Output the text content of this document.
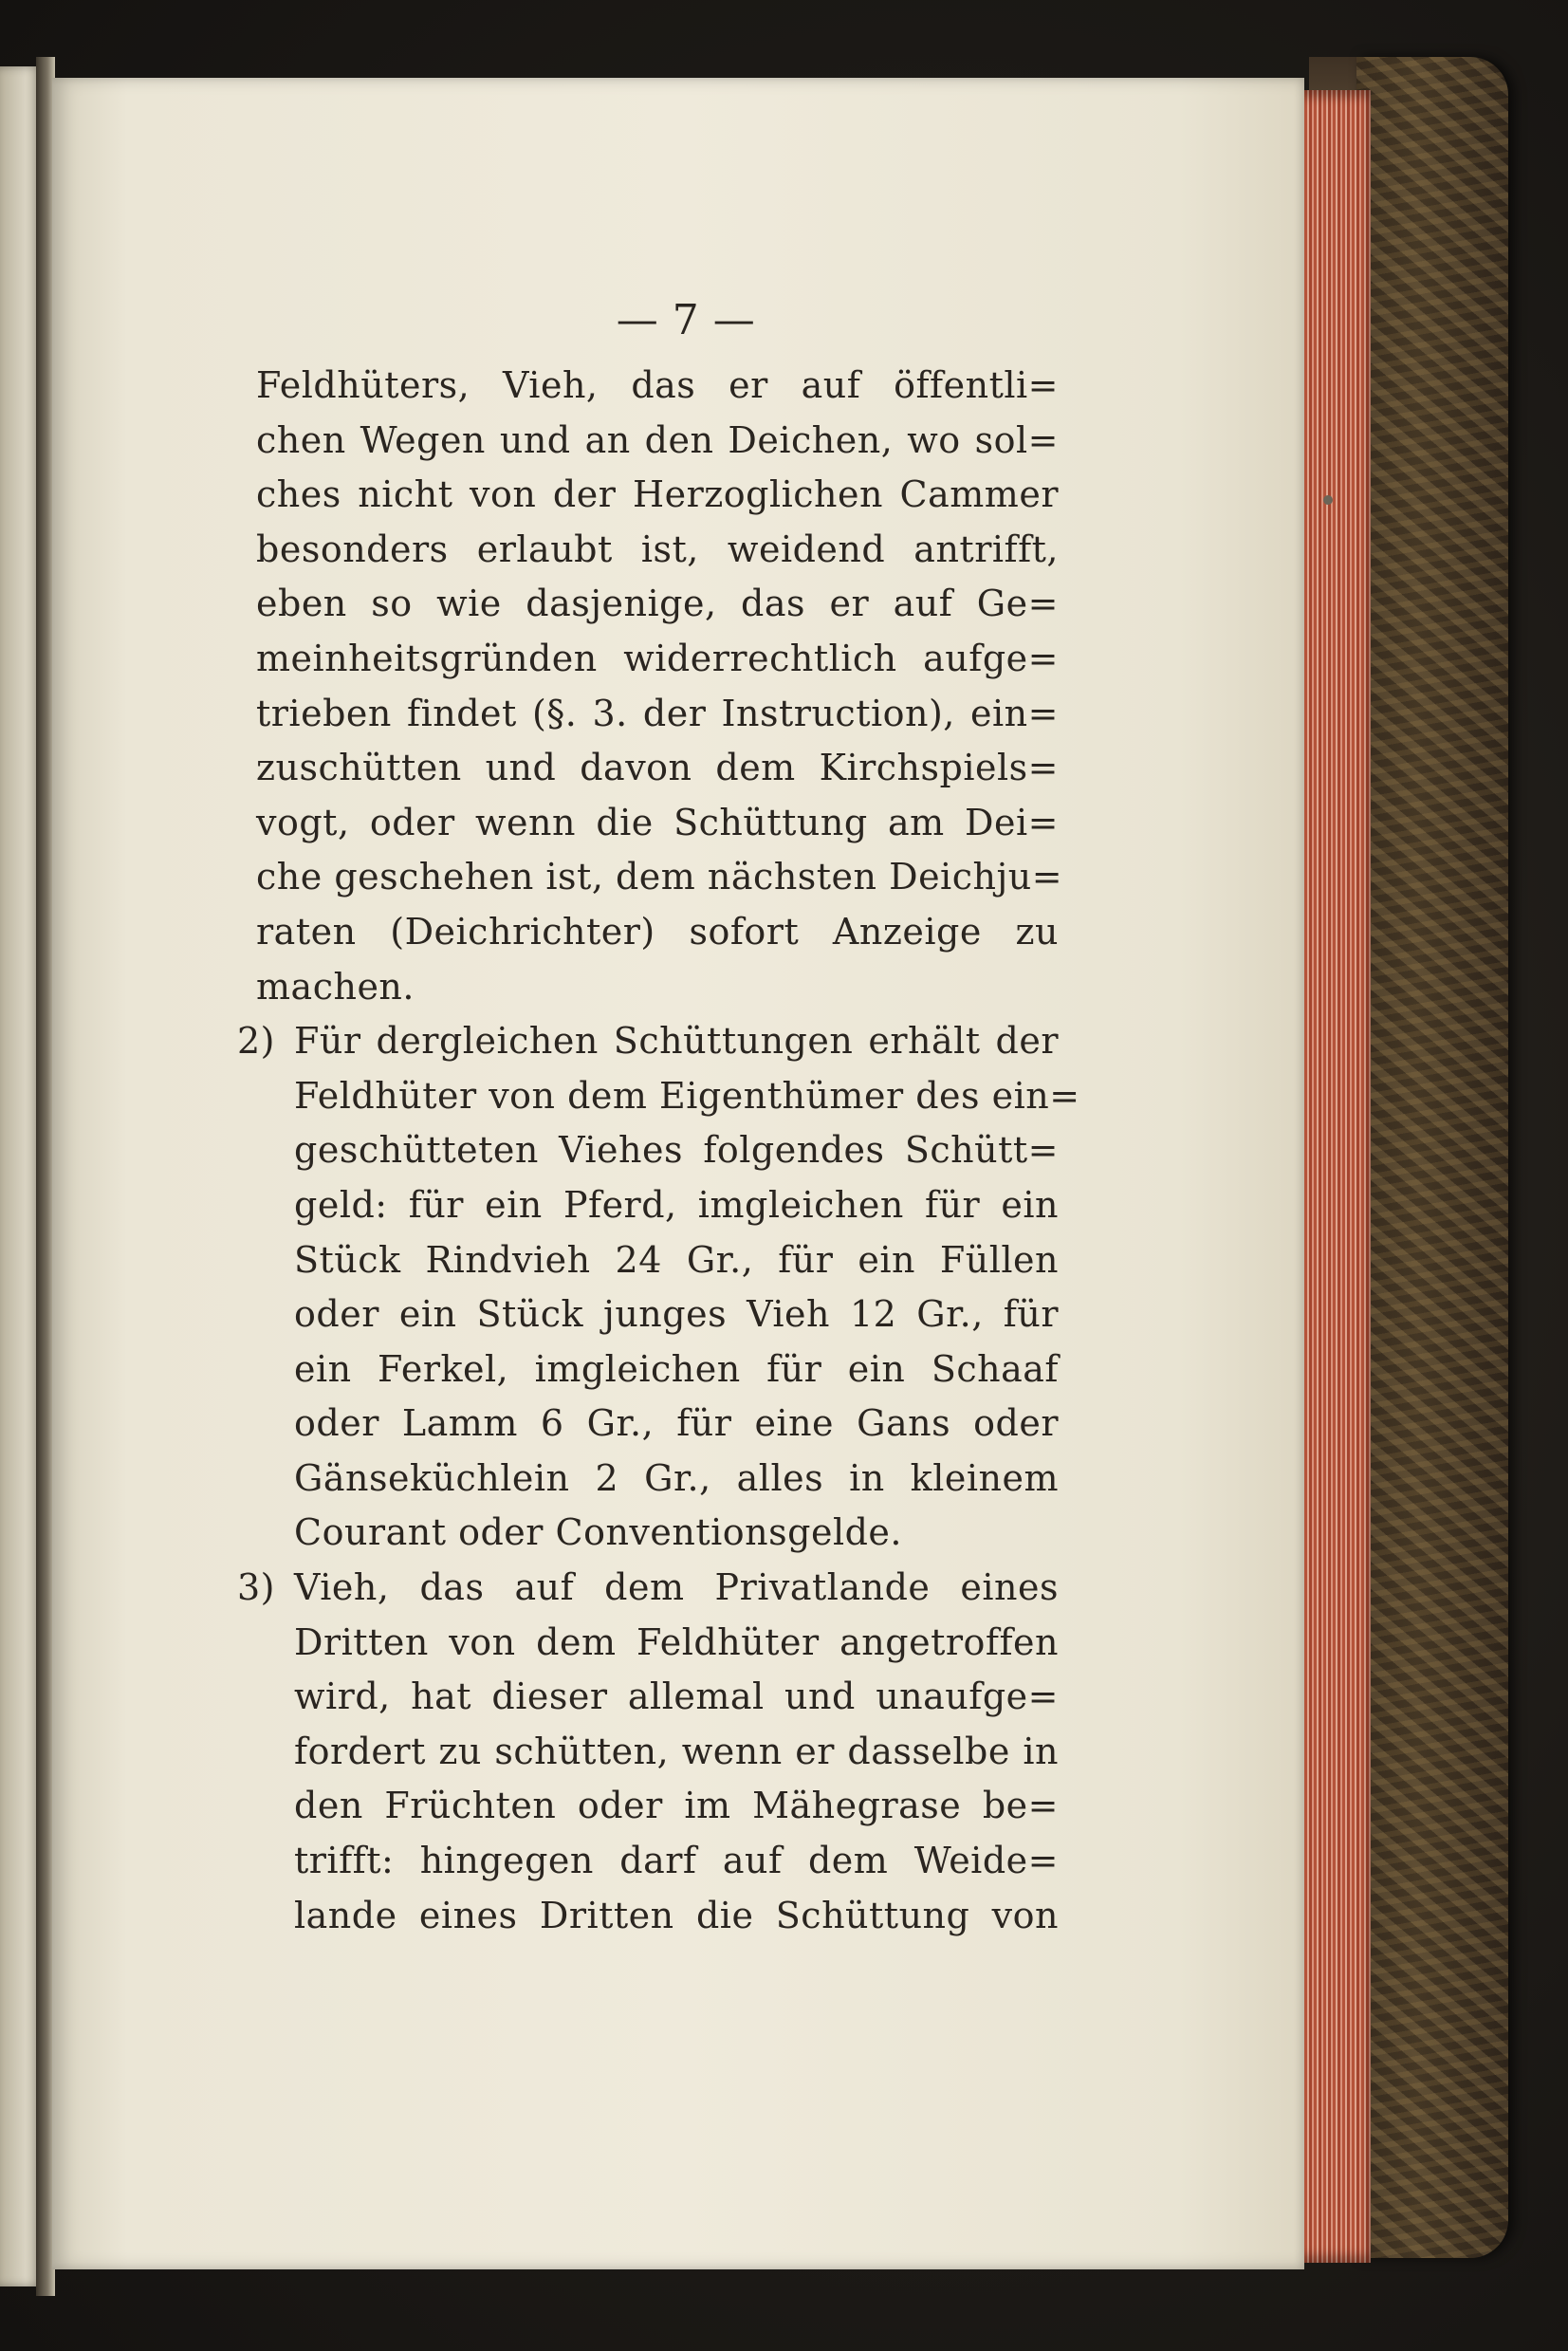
— 7 —
Feldhüters, Vieh, das er auf öffentli=
chen Wegen und an den Deichen, wo sol=
ches nicht von der Herzoglichen Cammer
besonders erlaubt ist, weidend antrifft,
eben so wie dasjenige, das er auf Ge=
meinheitsgründen widerrechtlich aufge=
trieben findet (§. 3. der Instruction), ein=
zuschütten und davon dem Kirchspiels=
vogt, oder wenn die Schüttung am Dei=
che geschehen ist, dem nächsten Deichju=
raten (Deichrichter) sofort Anzeige zu
machen.
2) Für dergleichen Schüttungen erhält der
Feldhüter von dem Eigenthümer des ein=
geschütteten Viehes folgendes Schütt=
geld: für ein Pferd, imgleichen für ein
Stück Rindvieh 24 Gr., für ein Füllen
oder ein Stück junges Vieh 12 Gr., für
ein Ferkel, imgleichen für ein Schaaf
oder Lamm 6 Gr., für eine Gans oder
Gänseküchlein 2 Gr., alles in kleinem
Courant oder Conventionsgelde.
3) Vieh, das auf dem Privatlande eines
Dritten von dem Feldhüter angetroffen
wird, hat dieser allemal und unaufge=
fordert zu schütten, wenn er dasselbe in
den Früchten oder im Mähegrase be=
trifft: hingegen darf auf dem Weide=
lande eines Dritten die Schüttung von
